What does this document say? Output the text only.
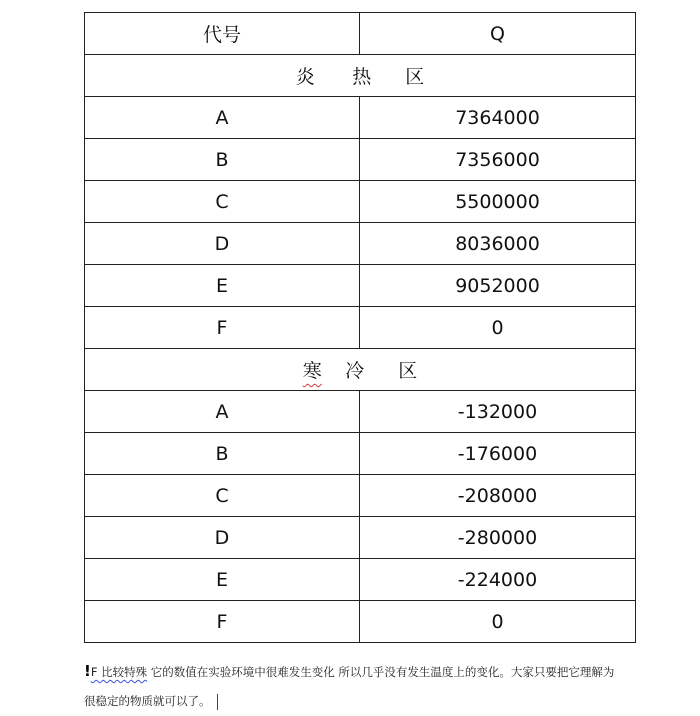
代号	Q
炎  热 区	
A	7364000
B	7356000
C	5500000
D	8036000
E	9052000
F	0
寒  冷 区	
A	-132000
B	-176000
C	-208000
D	-280000
E	-224000
F	0
!F 比较特殊 它的数值在实验环境中很难发生变化 所以几乎没有发生温度上的变化。大家只要把它理解为
很稳定的物质就可以了。
